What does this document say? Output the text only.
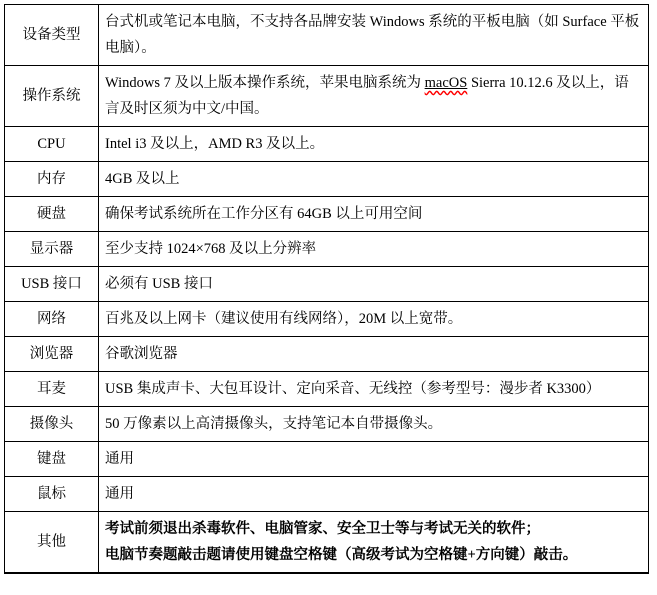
设备类型	台式机或笔记本电脑，不支持各品牌安装 Windows 系统的平板电脑（如 Surface 平板电脑）。
操作系统	Windows 7 及以上版本操作系统，苹果电脑系统为 macOS Sierra 10.12.6 及以上，语言及时区须为中文/中国。
CPU	Intel i3 及以上，AMD R3 及以上。
内存	4GB 及以上
硬盘	确保考试系统所在工作分区有 64GB 以上可用空间
显示器	至少支持 1024×768 及以上分辨率
USB 接口	必须有 USB 接口
网络	百兆及以上网卡（建议使用有线网络），20M 以上宽带。
浏览器	谷歌浏览器
耳麦	USB 集成声卡、大包耳设计、定向采音、无线控（参考型号：漫步者 K3300）
摄像头	50 万像素以上高清摄像头，支持笔记本自带摄像头。
键盘	通用
鼠标	通用
其他	考试前须退出杀毒软件、电脑管家、安全卫士等与考试无关的软件；
电脑节奏题敲击题请使用键盘空格键（高级考试为空格键+方向键）敲击。
